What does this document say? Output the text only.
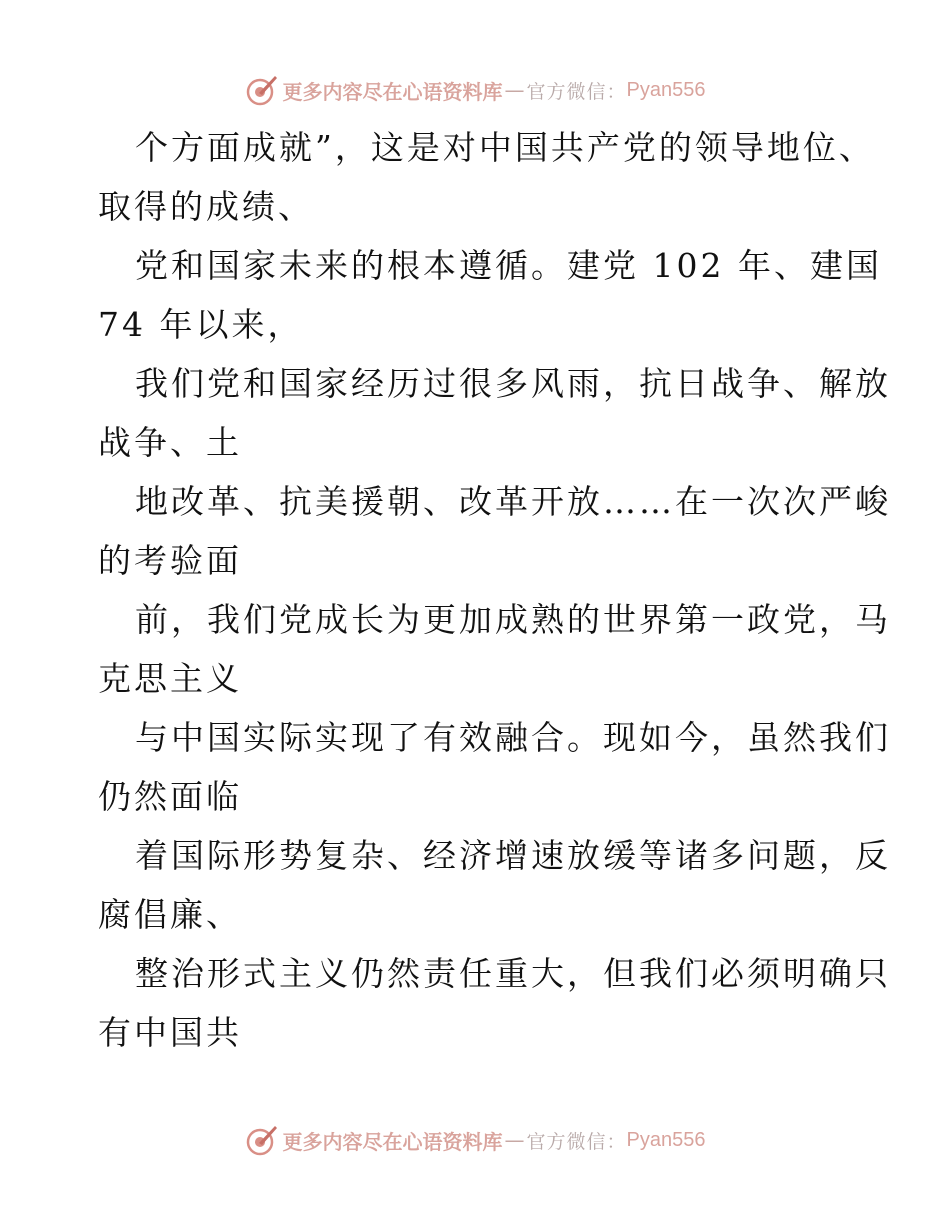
更多内容尽在心语资料库 — 官方微信： Pyan556
个方面成就”，这是对中国共产党的领导地位、
取得的成绩、
党和国家未来的根本遵循。建党 102 年、建国
74 年以来，
我们党和国家经历过很多风雨，抗日战争、解放
战争、土
地改革、抗美援朝、改革开放……在一次次严峻
的考验面
前，我们党成长为更加成熟的世界第一政党，马
克思主义
与中国实际实现了有效融合。现如今，虽然我们
仍然面临
着国际形势复杂、经济增速放缓等诸多问题，反
腐倡廉、
整治形式主义仍然责任重大，但我们必须明确只
有中国共
更多内容尽在心语资料库 — 官方微信： Pyan556
